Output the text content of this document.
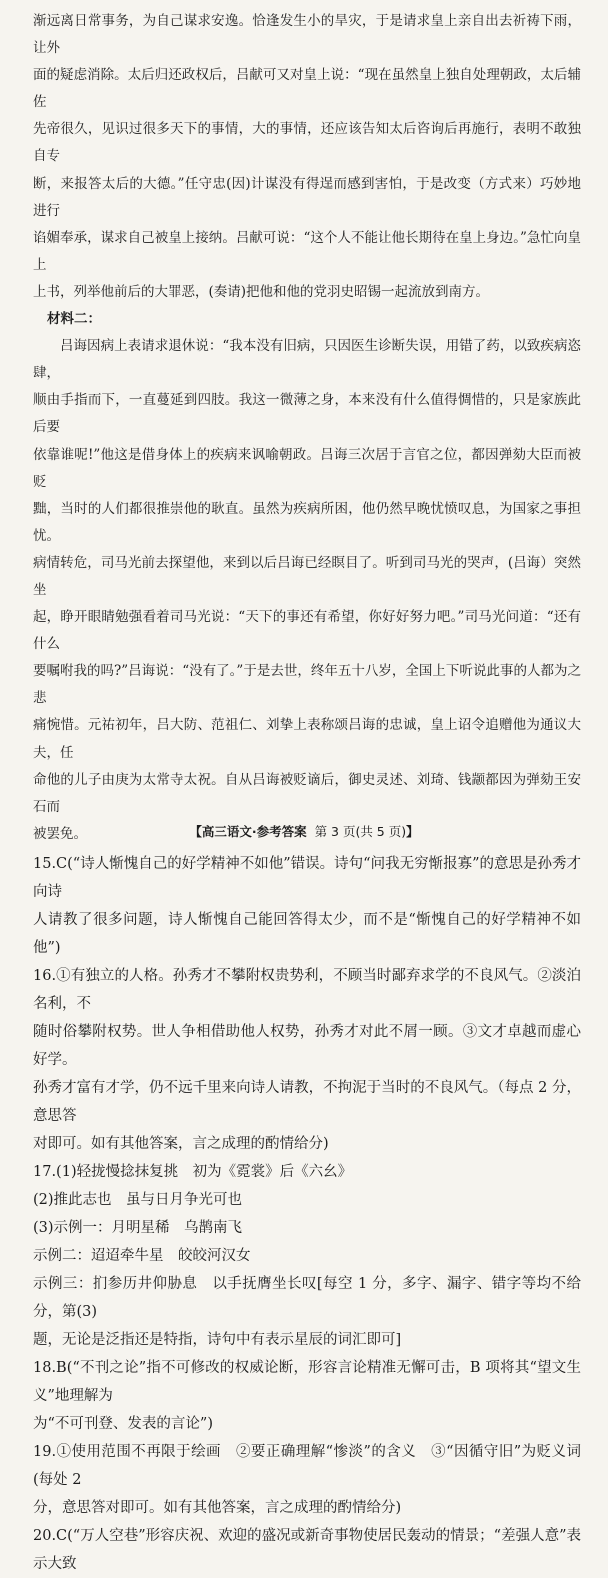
渐远离日常事务，为自己谋求安逸。恰逢发生小的旱灾，于是请求皇上亲自出去祈祷下雨，让外

面的疑虑消除。太后归还政权后，吕献可又对皇上说：“现在虽然皇上独自处理朝政，太后辅佐

先帝很久，见识过很多天下的事情，大的事情，还应该告知太后咨询后再施行，表明不敢独自专

断，来报答太后的大德。”任守忠(因)计谋没有得逞而感到害怕，于是改变（方式来）巧妙地进行

谄媚奉承，谋求自己被皇上接纳。吕献可说：“这个人不能让他长期待在皇上身边。”急忙向皇上

上书，列举他前后的大罪恶，(奏请)把他和他的党羽史昭锡一起流放到南方。

材料二：

吕诲因病上表请求退休说：“我本没有旧病，只因医生诊断失误，用错了药，以致疾病恣肆，

顺由手指而下，一直蔓延到四肢。我这一微薄之身，本来没有什么值得惆惜的，只是家族此后要

依靠谁呢!”他这是借身体上的疾病来讽喻朝政。吕诲三次居于言官之位，都因弹劾大臣而被贬

黜，当时的人们都很推崇他的耿直。虽然为疾病所困，他仍然早晚忧愤叹息，为国家之事担忧。

病情转危，司马光前去探望他，来到以后吕诲已经瞑目了。听到司马光的哭声，(吕诲）突然坐

起，睁开眼睛勉强看着司马光说：“天下的事还有希望，你好好努力吧。”司马光问道：“还有什么

要嘱咐我的吗?”吕诲说：“没有了。”于是去世，终年五十八岁，全国上下听说此事的人都为之悲

痛惋惜。元祐初年，吕大防、范祖仁、刘挚上表称颂吕诲的忠诚，皇上诏令追赠他为通议大夫，任

命他的儿子由庚为太常寺太祝。自从吕诲被贬谪后，御史灵述、刘琦、钱颛都因为弹劾王安石而

被罢免。

15.C(“诗人惭愧自己的好学精神不如他”错误。诗句“问我无穷惭报寡”的意思是孙秀才向诗

人请教了很多问题，诗人惭愧自己能回答得太少，而不是“惭愧自己的好学精神不如他”)

16.①有独立的人格。孙秀才不攀附权贵势利，不顾当时鄙弃求学的不良风气。②淡泊名利，不

随时俗攀附权势。世人争相借助他人权势，孙秀才对此不屑一顾。③文才卓越而虚心好学。

孙秀才富有才学，仍不远千里来向诗人请教，不拘泥于当时的不良风气。（每点 2 分，意思答

对即可。如有其他答案，言之成理的酌情给分)

17.(1)轻拢慢捻抹复挑　初为《霓裳》后《六幺》

(2)推此志也　虽与日月争光可也

(3)示例一：月明星稀　乌鹊南飞

示例二：迢迢牵牛星　皎皎河汉女

示例三：扪参历井仰胁息　以手抚膺坐长叹[每空 1 分，多字、漏字、错字等均不给分，第(3)

题，无论是泛指还是特指，诗句中有表示星辰的词汇即可]

18.B(“不刊之论”指不可修改的权威论断，形容言论精准无懈可击，B 项将其“望文生义”地理解为

为“不可刊登、发表的言论”)

19.①使用范围不再限于绘画　②要正确理解“惨淡”的含义　③“因循守旧”为贬义词(每处 2

分，意思答对即可。如有其他答案，言之成理的酌情给分)

20.C(“万人空巷”形容庆祝、欢迎的盛况或新奇事物使居民轰动的情景；“差强人意”表示大致

【高三语文·参考答案 第 3 页(共 5 页)】
